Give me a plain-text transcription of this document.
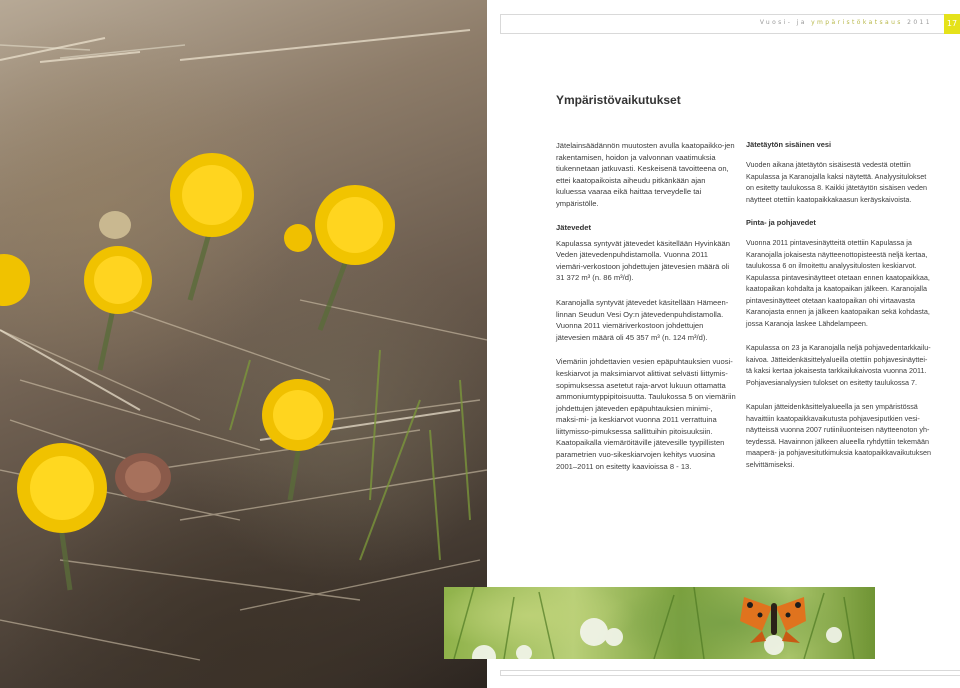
Vuosi- ja ympäristökatsaus 2011	17
Ympäristövaikutukset

Jätelainsäädännön muutosten avulla kaatopaikko-jen rakentamisen, hoidon ja valvonnan vaatimuksia tiukennetaan jatkuvasti. Keskeisenä tavoitteena on, ettei kaatopaikoista aiheudu pitkänkään ajan kuluessa vaaraa eikä haittaa terveydelle tai ympäristölle.

Jätevedet

Kapulassa syntyvät jätevedet käsitellään Hyvinkään Veden jätevedenpuhdistamolla. Vuonna 2011 viemäri-verkostoon johdettujen jätevesien määrä oli 31 372 m³ (n. 86 m³/d).

Karanojalla syntyvät jätevedet käsitellään Hämeen-linnan Seudun Vesi Oy:n jätevedenpuhdistamolla. Vuonna 2011 viemäriverkostoon johdettujen jätevesien määrä oli 45 357 m³ (n. 124 m³/d).

Viemäriin johdettavien vesien epäpuhtauksien vuosi-keskiarvot ja maksimiarvot alittivat selvästi liittymis-sopimuksessa asetetut raja-arvot lukuun ottamatta ammoniumtyppipitoisuutta. Taulukossa 5 on viemäriin johdettujen jäteveden epäpuhtauksien minimi-, maksi-mi- ja keskiarvot vuonna 2011 verrattuina liittymisso-pimuksessa sallittuihin pitoisuuksiin. Kaatopaikalla viemäröitäville jätevesille tyypillisten parametrien vuo-sikeskiarvojen kehitys vuosina 2001–2011 on esitetty kaavioissa 8 - 13.

Jätetäytön sisäinen vesi

Vuoden aikana jätetäytön sisäisestä vedestä otettiin Kapulassa ja Karanojalla kaksi näytettä. Analyysitulokset on esitetty taulukossa 8. Kaikki jätetäytön sisäisen veden näytteet otettiin kaatopaikkakaasun keräyskaivoista.

Pinta- ja pohjavedet

Vuonna 2011 pintavesinäytteitä otettiin Kapulassa ja Karanojalla jokaisesta näytteenottopisteestä neljä kertaa, taulukossa 6 on ilmoitettu analyysitulosten keskiarvot. Kapulassa pintavesinäytteet otetaan ennen kaatopaikkaa, kaatopaikan kohdalta ja kaatopaikan jälkeen. Karanojalla pintavesinäytteet otetaan kaatopaikan ohi virtaavasta Karanojasta ennen ja jälkeen kaatopaikan sekä kohdasta, jossa Karanoja laskee Lähdelampeen.

Kapulassa on 23 ja Karanojalla neljä pohjavedentarkkailu-kaivoa. Jätteidenkäsittelyalueilla otettiin pohjavesinäyttei-tä kaksi kertaa jokaisesta tarkkailukaivosta vuonna 2011. Pohjavesianalyysien tulokset on esitetty taulukossa 7.

Kapulan jätteidenkäsittelyalueella ja sen ympäristössä havaittiin kaatopaikkavaikutusta pohjavesiputkien vesi-näytteissä vuonna 2007 rutiiniluonteisen näytteenoton yh-teydessä. Havainnon jälkeen alueella ryhdyttiin tekemään maaperä- ja pohjavesitutkimuksia kaatopaikkavaikutuksen selvittämiseksi.
